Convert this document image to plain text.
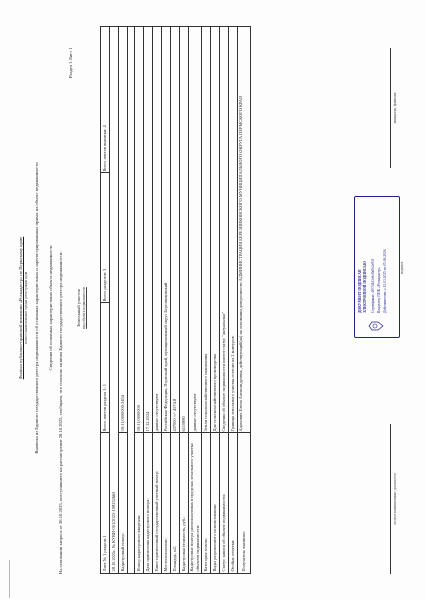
Филиал публично-правовой компании «Роскадастр» по Пермскому краю полное наименование органа регистрации прав	Выписка из Единого государственного реестра недвижимости об основных характеристиках и зарегистрированных правах на объект недвижимости Сведения об основных характеристиках объекта недвижимости На основании запроса от 28.10.2025, поступившего на рассмотрение 28.10.2025, сообщаем, что согласно записям Единого государственного реестра недвижимости:
Раздел 1 Лист 1
Земельный участок вид объекта недвижимости
Лист № 1 раздела 1
Всего листов раздела 1: 1
Всего разделов: 3
Всего листов выписки: 4
28.10.2025г. № КУВИ-001/2025-198232663 Кадастровый номер:
59:11:0000000:3454
Номер кадастрового квартала:
59:11:0000000
Дата присвоения кадастрового номера:
17.12.2024
Ранее присвоенный государственный учетный номер:
данные отсутствуют
Местоположение:
Российская Федерация, Пермский край, муниципальный округ Березниковский
Площадь, м2:
437000 +/- 4574.8
Кадастровая стоимость, руб.:
6110880
Кадастровые номера расположенных в пределах земельного участка объектов недвижимости:
данные отсутствуют
Категория земель:
Земли сельскохозяйственного назначения
Виды разрешенного использования:
Для сельскохозяйственного производства
Статус записи об объекте недвижимости:
Сведения об объекте недвижимости имеют статус "актуальные"
Особые отметки:
Граница земельного участка состоит из 2 контуров.
Получатель выписки:
Адамович Елена Александровна, действующий(ая) на основании доверенности АДМИНИСТРАЦИЯ БЕРЕЗНИКОВСКОГО МУНИЦИПАЛЬНОГО ОКРУГА ПЕРМСКОГО КРАЯ
полное наименование должности
инициалы, фамилия
ДОКУМЕНТ ПОДПИСАН ЭЛЕКТРОННОЙ ПОДПИСЬЮ Сертификат: 4f57d1d3e6c8a0b2e91f Владелец: ППК «Роскадастр» Действителен: с 12.03.2025 по 05.06.2026	подпись
